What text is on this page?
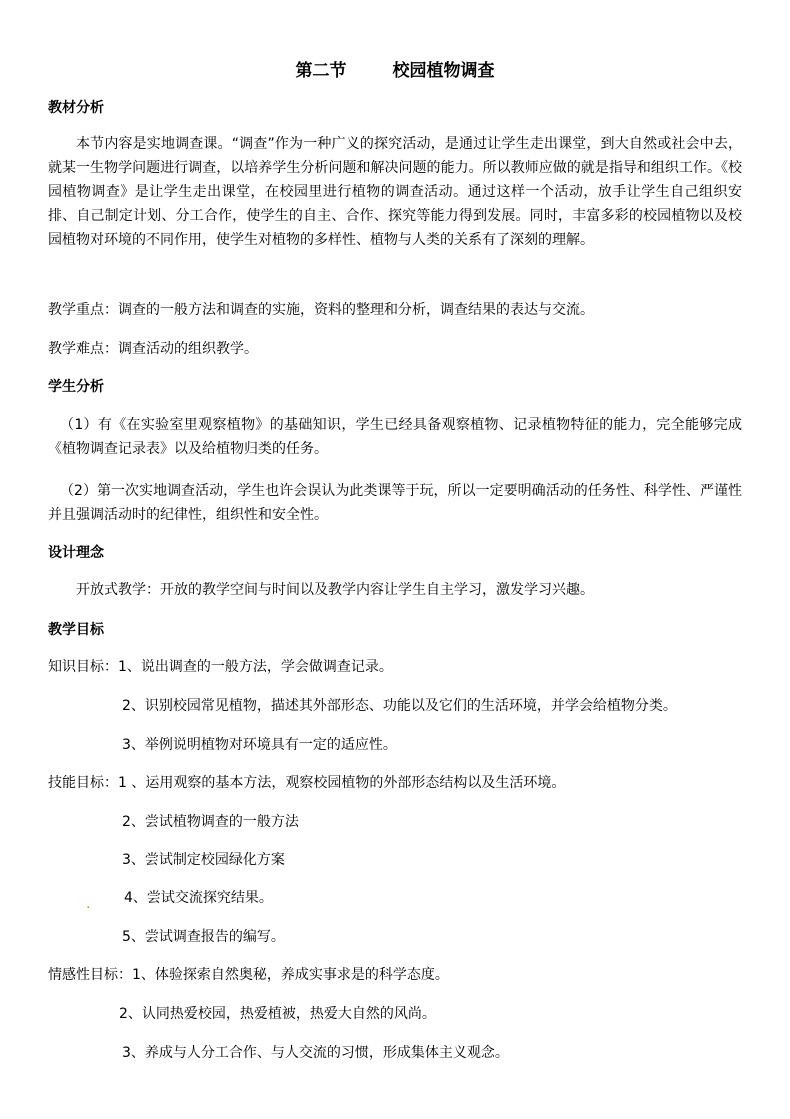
第二节	校园植物调查
教材分析
本节内容是实地调查课。“调查”作为一种广义的探究活动，是通过让学生走出课堂，到大自然或社会中去，就某一生物学问题进行调查，以培养学生分析问题和解决问题的能力。所以教师应做的就是指导和组织工作。《校园植物调查》是让学生走出课堂，在校园里进行植物的调查活动。通过这样一个活动，放手让学生自己组织安排、自己制定计划、分工合作，使学生的自主、合作、探究等能力得到发展。同时，丰富多彩的校园植物以及校园植物对环境的不同作用，使学生对植物的多样性、植物与人类的关系有了深刻的理解。
教学重点：调查的一般方法和调查的实施，资料的整理和分析，调查结果的表达与交流。
教学难点：调查活动的组织教学。
学生分析
（1）有《在实验室里观察植物》的基础知识，学生已经具备观察植物、记录植物特征的能力，完全能够完成《植物调查记录表》以及给植物归类的任务。
（2）第一次实地调查活动，学生也许会误认为此类课等于玩，所以一定要明确活动的任务性、科学性、严谨性并且强调活动时的纪律性，组织性和安全性。
设计理念
开放式教学：开放的教学空间与时间以及教学内容让学生自主学习，激发学习兴趣。
教学目标
知识目标：1、说出调查的一般方法，学会做调查记录。
2、识别校园常见植物，描述其外部形态、功能以及它们的生活环境，并学会给植物分类。
3、举例说明植物对环境具有一定的适应性。
技能目标：1 、运用观察的基本方法，观察校园植物的外部形态结构以及生活环境。
2、尝试植物调查的一般方法
3、尝试制定校园绿化方案
. 4、尝试交流探究结果。
5、尝试调查报告的编写。
情感性目标：1、体验探索自然奥秘，养成实事求是的科学态度。
2、认同热爱校园，热爱植被，热爱大自然的风尚。
3、养成与人分工合作、与人交流的习惯，形成集体主义观念。
